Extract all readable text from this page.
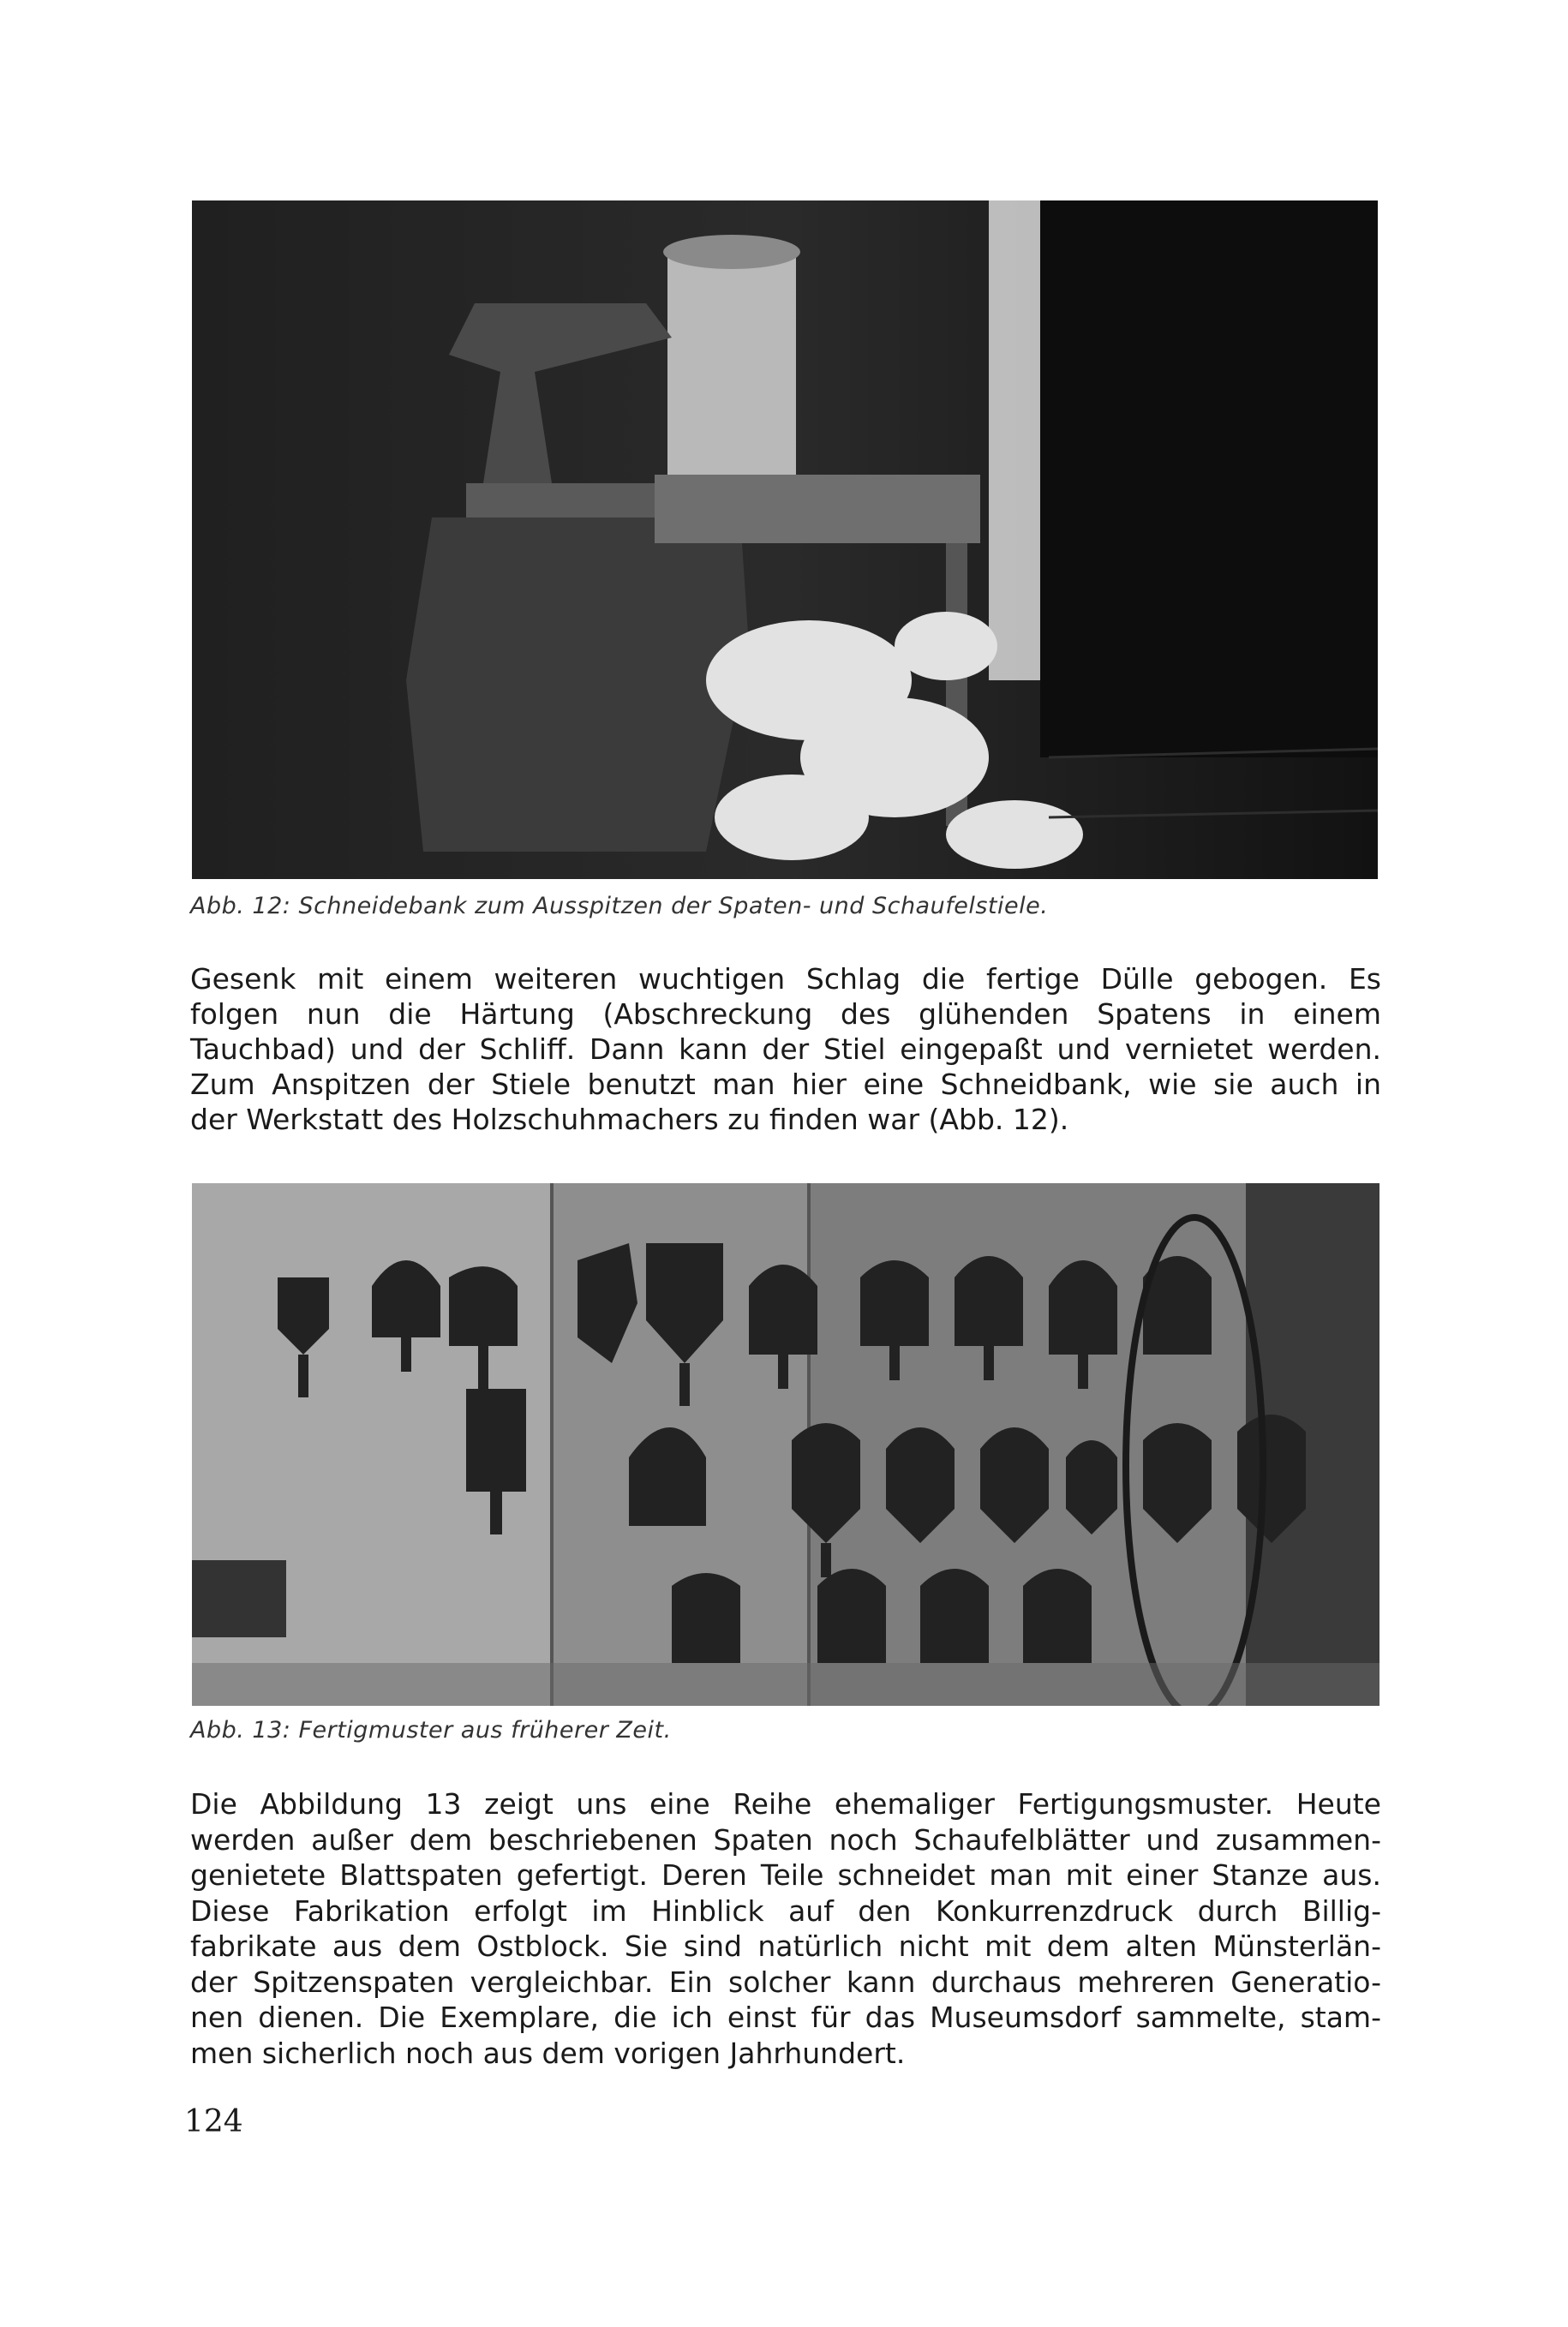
Abb. 12: Schneidebank zum Ausspitzen der Spaten- und Schaufelstiele.
Gesenk mit einem weiteren wuchtigen Schlag die fertige Dülle gebogen. Es
folgen nun die Härtung (Abschreckung des glühenden Spatens in einem
Tauchbad) und der Schliff. Dann kann der Stiel eingepaßt und vernietet werden.
Zum Anspitzen der Stiele benutzt man hier eine Schneidbank, wie sie auch in
der Werkstatt des Holzschuhmachers zu finden war (Abb. 12).
Abb. 13: Fertigmuster aus früherer Zeit.
Die Abbildung 13 zeigt uns eine Reihe ehemaliger Fertigungsmuster. Heute
werden außer dem beschriebenen Spaten noch Schaufelblätter und zusammen-
genietete Blattspaten gefertigt. Deren Teile schneidet man mit einer Stanze aus.
Diese Fabrikation erfolgt im Hinblick auf den Konkurrenzdruck durch Billig-
fabrikate aus dem Ostblock. Sie sind natürlich nicht mit dem alten Münsterlän-
der Spitzenspaten vergleichbar. Ein solcher kann durchaus mehreren Generatio-
nen dienen. Die Exemplare, die ich einst für das Museumsdorf sammelte, stam-
men sicherlich noch aus dem vorigen Jahrhundert.
124
